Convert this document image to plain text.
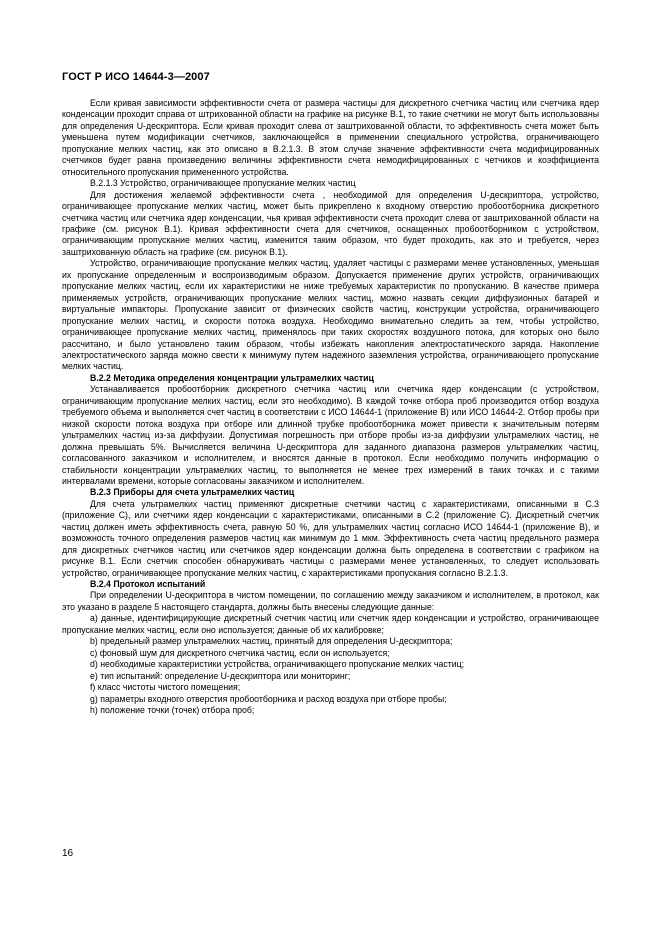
ГОСТ Р ИСО 14644-3—2007

Если кривая зависимости эффективности счета от размера частицы для дискретного счетчика частиц или счетчика ядер конденсации проходит справа от штрихованной области на графике на рисунке В.1, то такие счетчики не могут быть использованы для определения U-дескриптора. Если кривая проходит слева от заштрихованной области, то эффективность счета может быть уменьшена путем модификации счетчиков, заключающейся в применении специального устройства, ограничивающего пропускание мелких частиц, как это описано в В.2.1.3. В этом случае значение эффективности счета модифицированных счетчиков будет равна произведению величины эффективности счета немодифицированных с четчиков и коэффициента относительного пропускания примененного устройства.

В.2.1.3 Устройство, ограничивающее пропускание мелких частиц

Для достижения желаемой эффективности счета , необходимой для определения U-дескриптора, устройство, ограничивающее пропускание мелких частиц, может быть прикреплено к входному отверстию пробоотборника дискретного счетчика частиц или счетчика ядер конденсации, чья кривая эффективности счета проходит слева от заштрихованной области на графике (см. рисунок В.1). Кривая эффективности счета для счетчиков, оснащенных пробоотборником с устройством, ограничивающим пропускание мелких частиц, изменится таким образом, что будет проходить, как это и требуется, через заштрихованную область на графике (см. рисунок В.1).

Устройство, ограничивающие пропускание мелких частиц, удаляет частицы с размерами менее установленных, уменьшая их пропускание определенным и воспроизводимым образом. Допускается применение других устройств, ограничивающих пропускание мелких частиц, если их характеристики не ниже требуемых характеристик по пропусканию. В качестве примера применяемых устройств, ограничивающих пропускание мелких частиц, можно назвать секции диффузионных батарей и виртуальные импакторы. Пропускание зависит от физических свойств частиц, конструкции устройства, ограничивающего пропускание мелких частиц, и скорости потока воздуха. Необходимо внимательно следить за тем, чтобы устройство, ограничивающее пропускание мелких частиц, применялось при таких скоростях воздушного потока, для которых оно было рассчитано, и было установлено таким образом, чтобы избежать накопления электростатического заряда. Накопление электростатического заряда можно свести к минимуму путем надежного заземления устройства, ограничивающего пропускание мелких частиц.

В.2.2 Методика определения концентрации ультрамелких частиц

Устанавливается пробоотборник дискретного счетчика частиц или счетчика ядер конденсации (с устройством, ограничивающим пропускание мелких частиц, если это необходимо). В каждой точке отбора проб производится отбор воздуха требуемого объема и выполняется счет частиц в соответствии с ИСО 14644-1 (приложение В) или ИСО 14644-2. Отбор пробы при низкой скорости потока воздуха при отборе или длинной трубке пробоотборника может привести к значительным потерям ультрамелких частиц из-за диффузии. Допустимая погрешность при отборе пробы из-за диффузии ультрамелких частиц, не должна превышать 5%. Вычисляется величина U-дескриптора для заданного диапазона размеров ультрамелких частиц, согласованного заказчиком и исполнителем, и вносятся данные в протокол. Если необходимо получить информацию о стабильности концентрации ультрамелких частиц, то выполняется не менее трех измерений в таких точках и с такими интервалами времени, которые согласованы заказчиком и исполнителем.

В.2.3 Приборы для счета ультрамелких частиц

Для счета ультрамелких частиц применяют дискретные счетчики частиц с характеристиками, описанными в С.3 (приложение С), или счетчики ядер конденсации с характеристиками, описанными в С.2 (приложение С). Дискретный счетчик частиц должен иметь эффективность счета, равную 50 %, для ультрамелких частиц согласно ИСО 14644-1 (приложение В), и возможность точного определения размеров частиц как минимум до 1 мкм. Эффективность счета частиц предельного размера для дискретных счетчиков частиц или счетчиков ядер конденсации должна быть определена в соответствии с графиком на рисунке В.1. Если счетчик способен обнаруживать частицы с размерами менее установленных, то следует использовать устройство, ограничивающее пропускание мелких частиц, с характеристиками пропускания согласно В.2.1.3.

В.2.4 Протокол испытаний

При определении U-дескриптора в чистом помещении, по соглашению между заказчиком и исполнителем, в протокол, как это указано в разделе 5 настоящего стандарта, должны быть внесены следующие данные:

а) данные, идентифицирующие дискретный счетчик частиц или счетчик ядер конденсации и устройство, ограничивающее пропускание мелких частиц, если оно используется; данные об их калибровке;

b) предельный размер ультрамелких частиц, принятый для определения U-дескриптора;

c) фоновый шум для дискретного счетчика частиц, если он используется;

d) необходимые характеристики устройства, ограничивающего пропускание мелких частиц;

e) тип испытаний: определение U-дескриптора или мониторинг;

f) класс чистоты чистого помещения;

g) параметры входного отверстия пробоотборника и расход воздуха при отборе пробы;

h) положение точки (точек) отбора проб;

16
